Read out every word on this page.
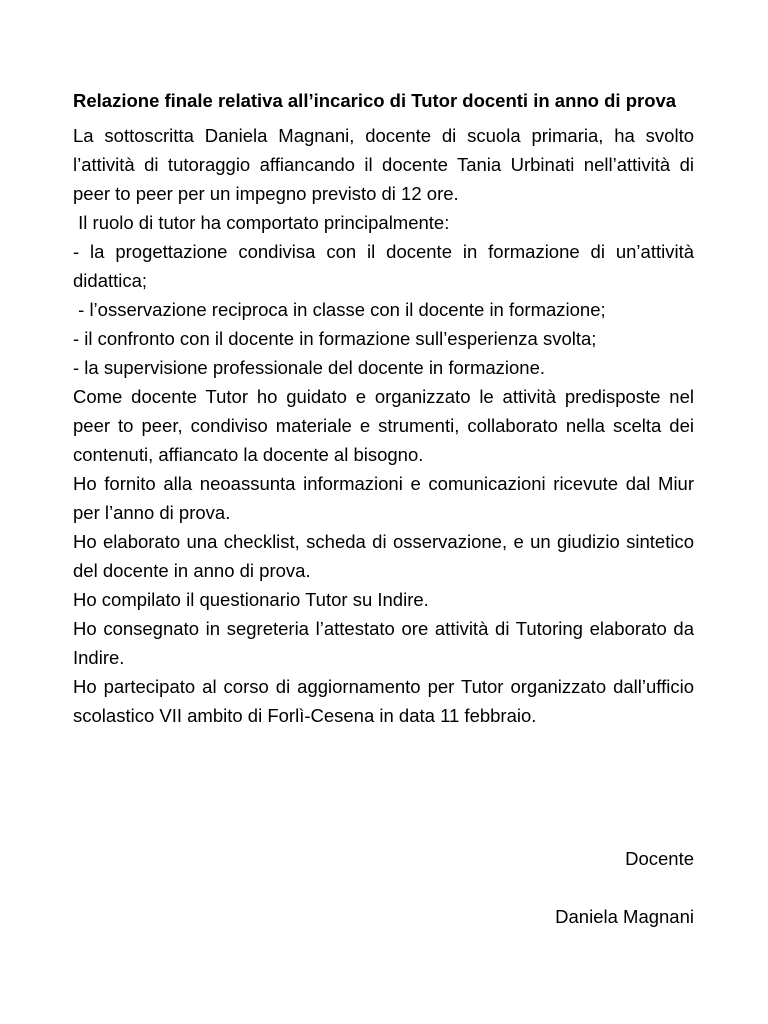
Relazione finale relativa all’incarico di Tutor docenti in anno di prova

La sottoscritta Daniela Magnani, docente di scuola primaria, ha svolto l’attività di tutoraggio affiancando il docente Tania Urbinati nell’attività di peer to peer per un impegno previsto di 12 ore.

Il ruolo di tutor ha comportato principalmente:

- la progettazione condivisa con il docente in formazione di un’attività didattica;

- l’osservazione reciproca in classe con il docente in formazione;

- il confronto con il docente in formazione sull’esperienza svolta;

- la supervisione professionale del docente in formazione.

Come docente Tutor ho guidato e organizzato le attività predisposte nel peer to peer, condiviso materiale e strumenti, collaborato nella scelta dei contenuti, affiancato la docente al bisogno.

Ho fornito alla neoassunta informazioni e comunicazioni ricevute dal Miur per l’anno di prova.

Ho elaborato una checklist, scheda di osservazione, e un giudizio sintetico del docente in anno di prova.

Ho compilato il questionario Tutor su Indire.

Ho consegnato in segreteria l’attestato ore attività di Tutoring elaborato da Indire.

Ho partecipato al corso di aggiornamento per Tutor organizzato dall’ufficio scolastico VII ambito di Forlì-Cesena in data 11 febbraio.

Docente
Daniela Magnani
